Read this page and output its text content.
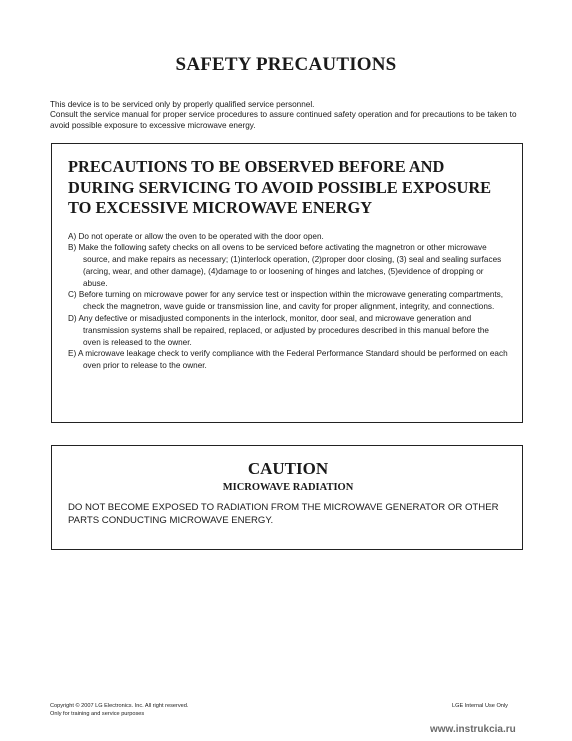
SAFETY PRECAUTIONS

This device is to be serviced only by properly qualified service personnel.

Consult the service manual for proper service procedures to assure continued safety operation and for precautions to be taken to avoid possible exposure to excessive microwave energy.

PRECAUTIONS TO BE OBSERVED BEFORE AND DURING SERVICING TO AVOID POSSIBLE EXPOSURE TO EXCESSIVE MICROWAVE ENERGY

A) Do not operate or allow the oven to be operated with the door open.

B) Make the following safety checks on all ovens to be serviced before activating the magnetron or other microwave source, and make repairs as necessary; (1)interlock operation, (2)proper door closing, (3) seal and sealing surfaces (arcing, wear, and other damage), (4)damage to or loosening of hinges and latches, (5)evidence of dropping or abuse.

C) Before turning on microwave power for any service test or inspection within the microwave generating compartments, check the magnetron, wave guide or transmission line, and cavity for proper alignment, integrity, and connections.

D) Any defective or misadjusted components in the interlock, monitor, door seal, and microwave generation and transmission systems shall be repaired, replaced, or adjusted by procedures described in this manual before the oven is released to the owner.

E) A microwave leakage check to verify compliance with the Federal Performance Standard should be performed on each oven prior to release to the owner.

CAUTION
MICROWAVE RADIATION
DO NOT BECOME EXPOSED TO RADIATION FROM THE MICROWAVE GENERATOR OR OTHER PARTS CONDUCTING MICROWAVE ENERGY.
Copyright © 2007 LG Electronics. Inc. All right reserved.
Only for training and service purposes
LGE Internal Use Only
www.instrukcia.ru
